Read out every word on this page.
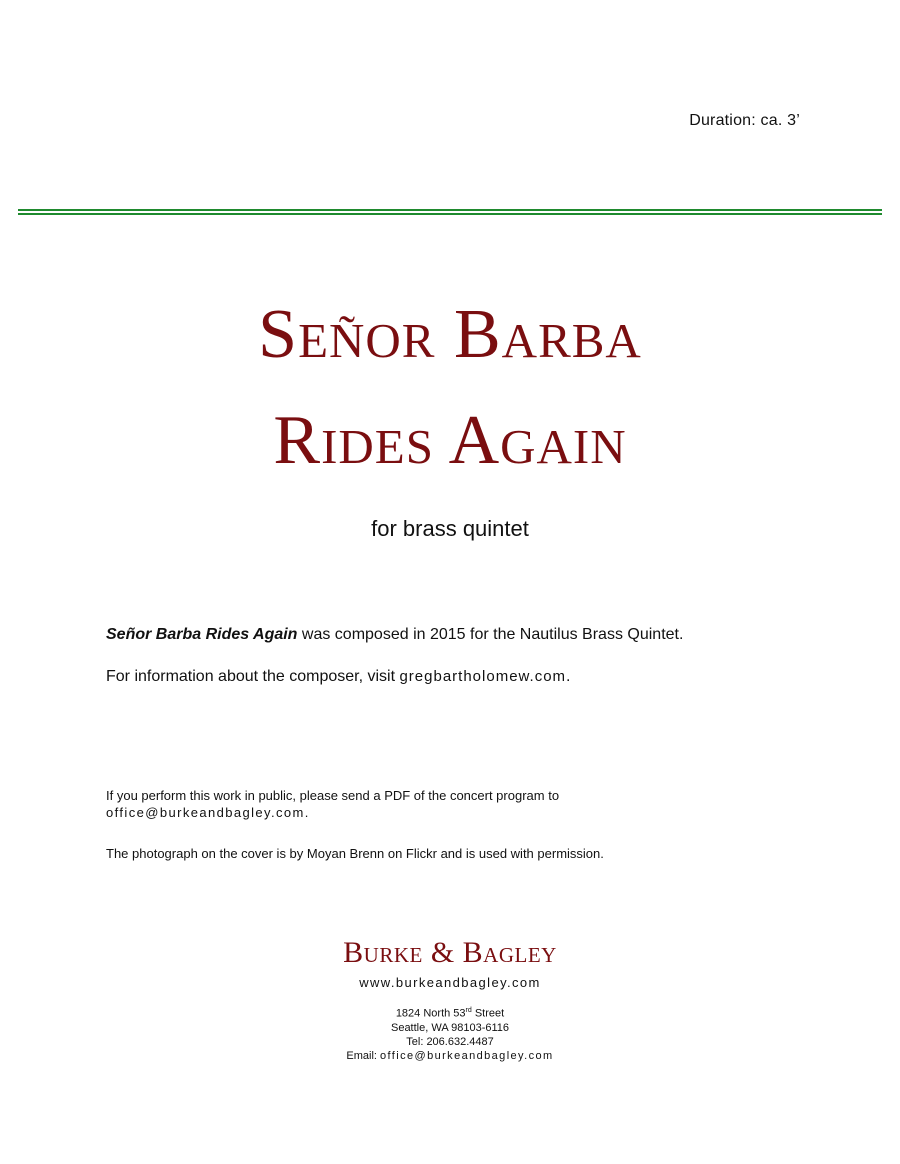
Duration: ca. 3’
Señor Barba
Rides Again
for brass quintet
Señor Barba Rides Again was composed in 2015 for the Nautilus Brass Quintet.
For information about the composer, visit gregbartholomew.com.
If you perform this work in public, please send a PDF of the concert program to
office@burkeandbagley.com.
The photograph on the cover is by Moyan Brenn on Flickr and is used with permission.
Burke & Bagley
www.burkeandbagley.com
1824 North 53rd Street
Seattle, WA 98103-6116
Tel: 206.632.4487
Email: office@burkeandbagley.com
